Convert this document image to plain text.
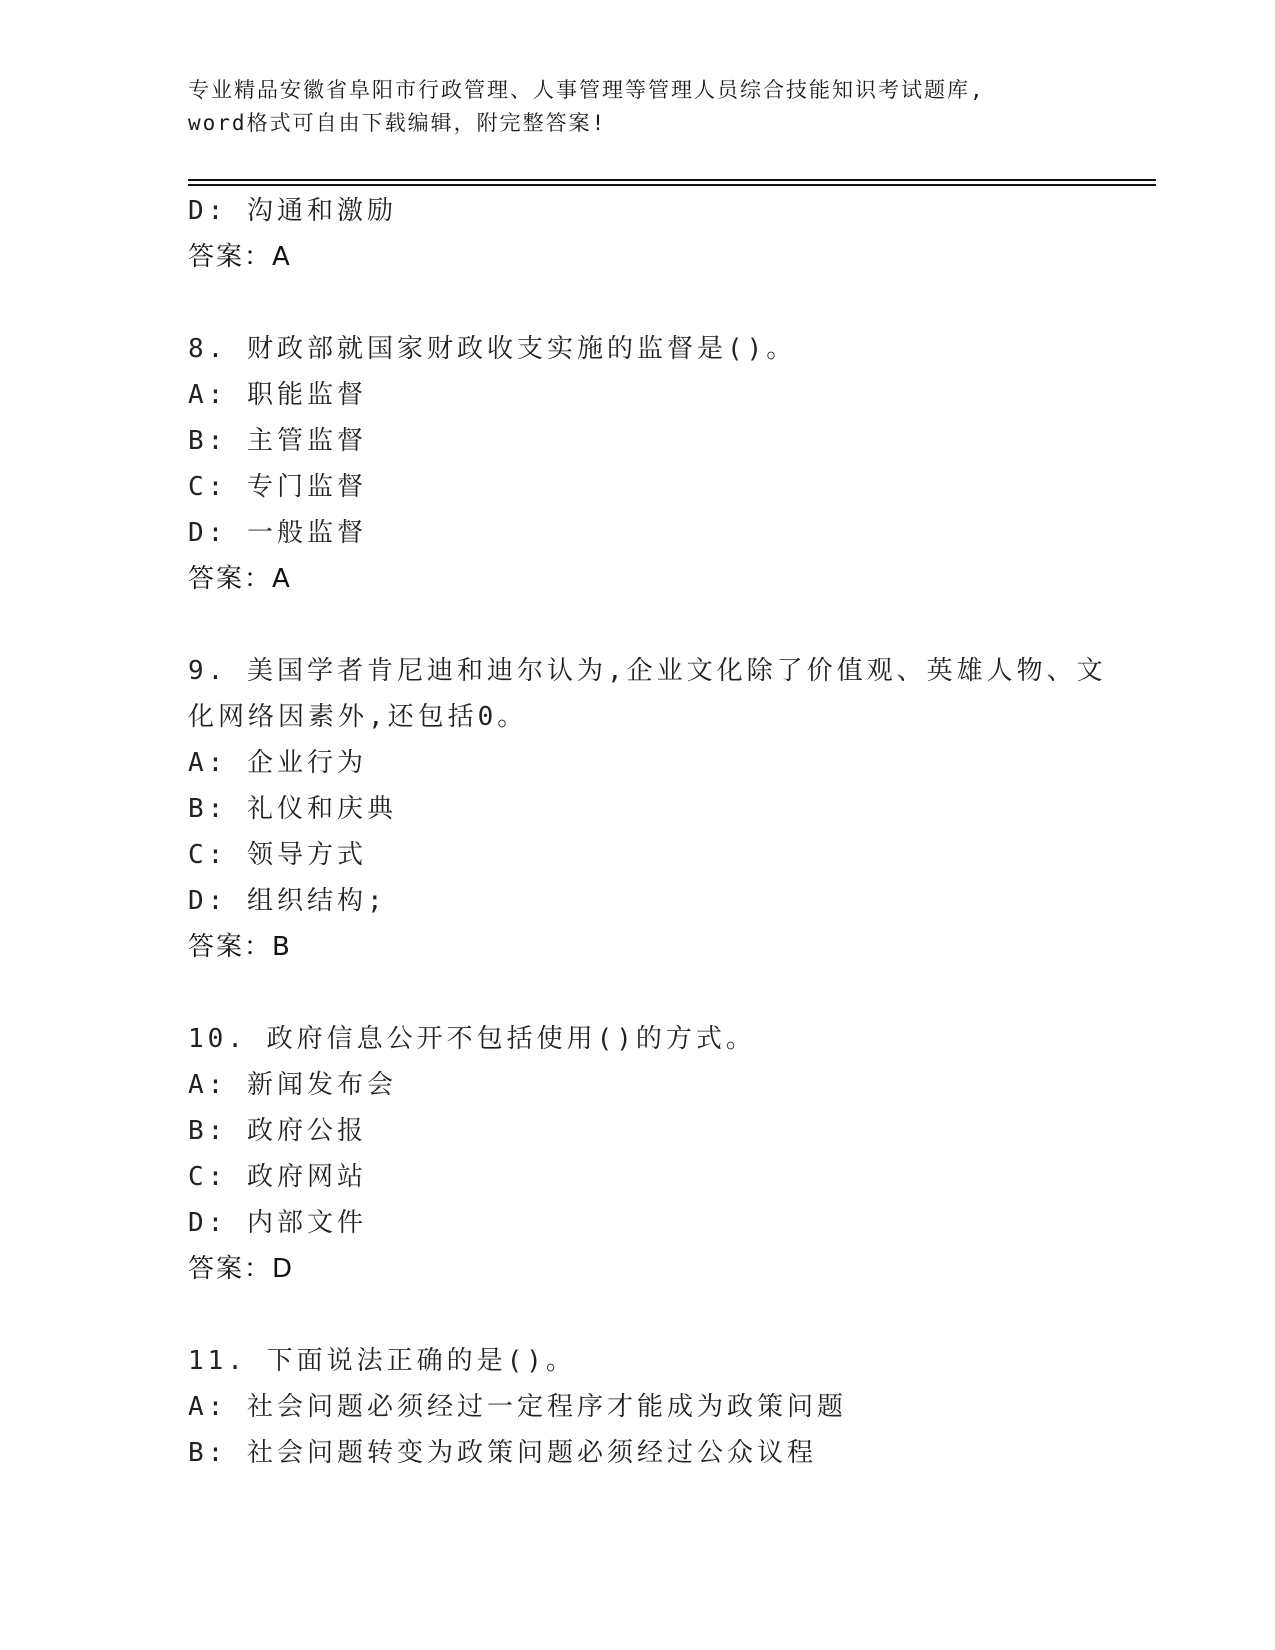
专业精品安徽省阜阳市行政管理、人事管理等管理人员综合技能知识考试题库,
word格式可自由下载编辑，附完整答案!
D: 沟通和激励
答案：A
8. 财政部就国家财政收支实施的监督是()。
A: 职能监督
B: 主管监督
C: 专门监督
D: 一般监督
答案：A
9. 美国学者肯尼迪和迪尔认为,企业文化除了价值观、英雄人物、文
化网络因素外,还包括0。
A: 企业行为
B: 礼仪和庆典
C: 领导方式
D: 组织结构;
答案：B
10. 政府信息公开不包括使用()的方式。
A: 新闻发布会
B: 政府公报
C: 政府网站
D: 内部文件
答案：D
11. 下面说法正确的是()。
A: 社会问题必须经过一定程序才能成为政策问题
B: 社会问题转变为政策问题必须经过公众议程
